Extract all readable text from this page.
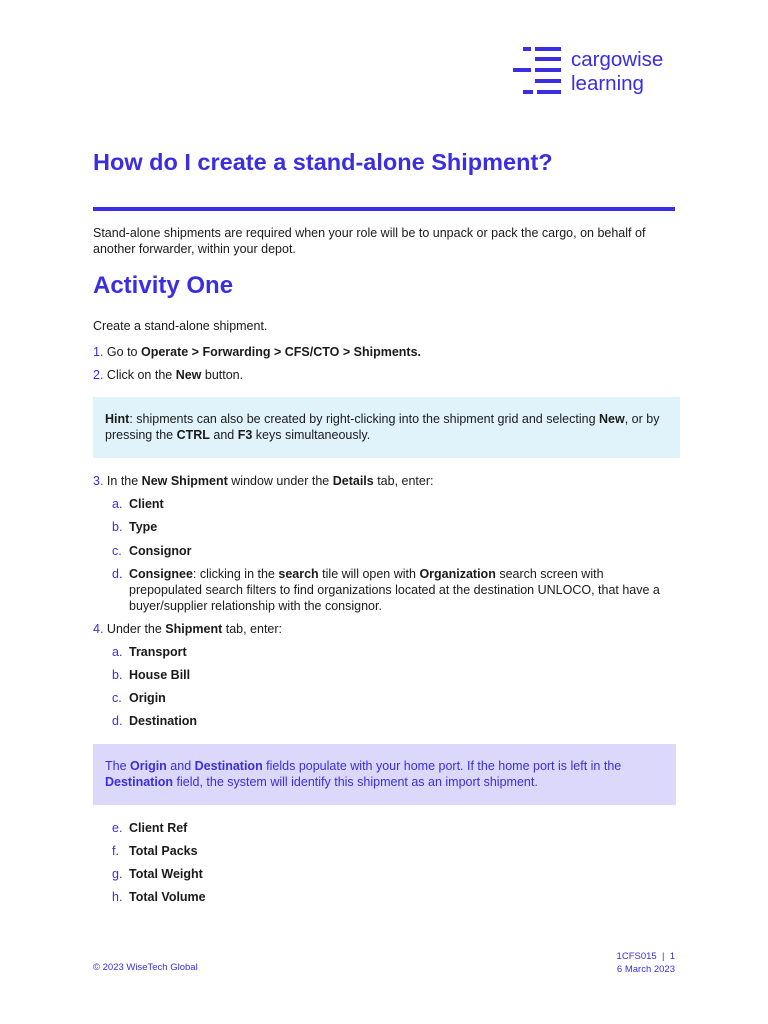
cargowise
learning
How do I create a stand-alone Shipment?
Stand-alone shipments are required when your role will be to unpack or pack the cargo, on behalf of another forwarder, within your depot.
Activity One
Create a stand-alone shipment.
1. Go to Operate > Forwarding > CFS/CTO > Shipments.
2. Click on the New button.
Hint: shipments can also be created by right-clicking into the shipment grid and selecting New, or by pressing the CTRL and F3 keys simultaneously.
3. In the New Shipment window under the Details tab, enter:
a. Client
b. Type
c. Consignor
d. Consignee: clicking in the search tile will open with Organization search screen with prepopulated search filters to find organizations located at the destination UNLOCO, that have a buyer/supplier relationship with the consignor.
4. Under the Shipment tab, enter:
a. Transport
b. House Bill
c. Origin
d. Destination
The Origin and Destination fields populate with your home port. If the home port is left in the Destination field, the system will identify this shipment as an import shipment.
e. Client Ref
f. Total Packs
g. Total Weight
h. Total Volume
© 2023 WiseTech Global
1CFS015  |  1
6 March 2023
